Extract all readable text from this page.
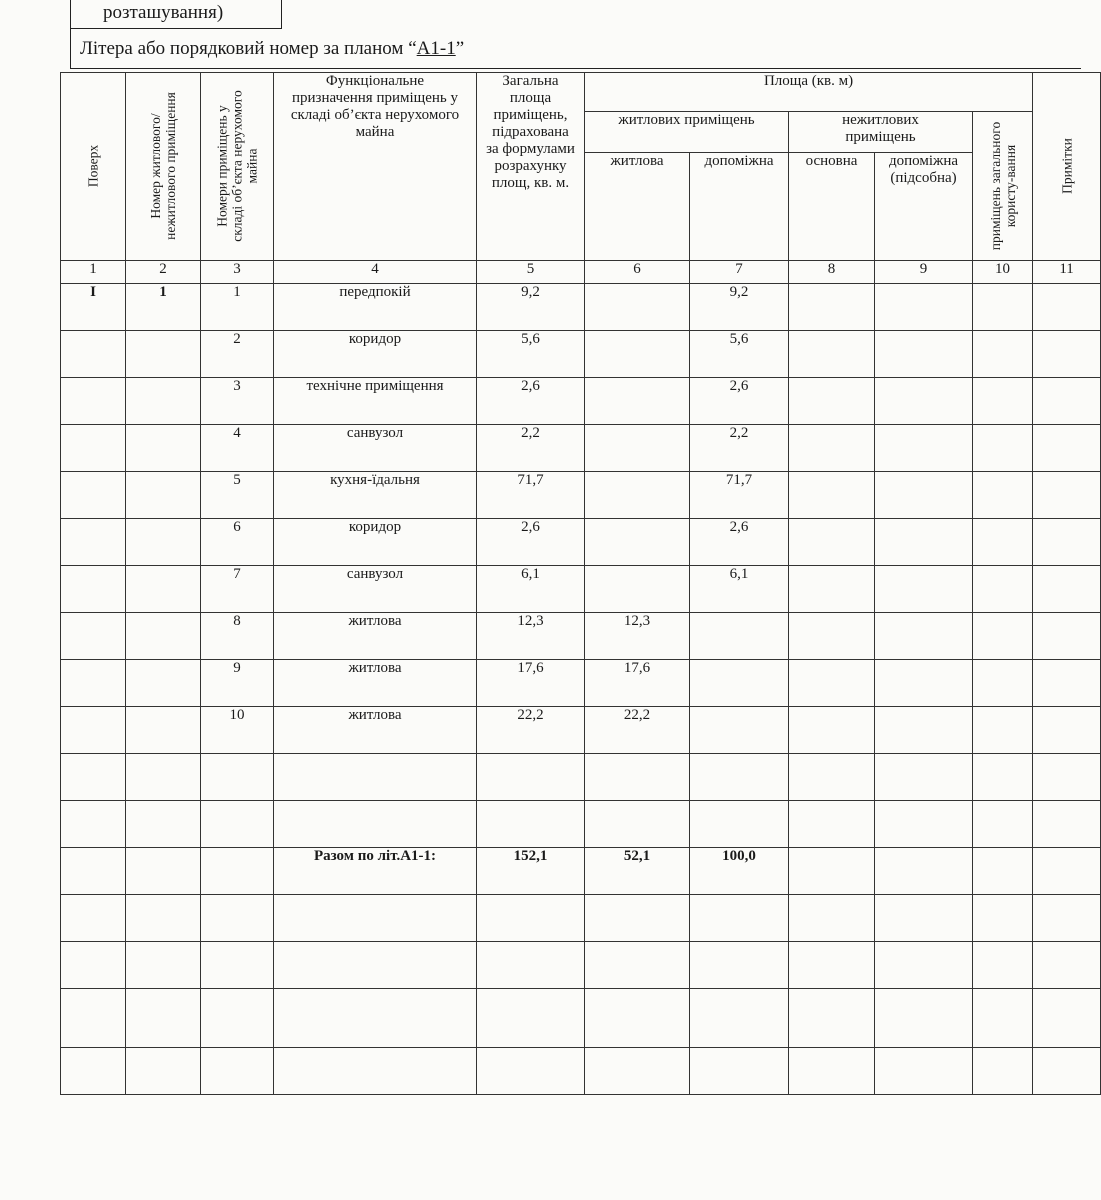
розташування)
Літера або порядковий номер за планом “А1-1”
Поверх	Номер житлового/ нежитлового приміщення	Номери приміщень у складі об’єкта нерухомого майна	Функціональне призначення приміщень у складі об’єкта нерухомого майна	Загальна площа приміщень, підрахована за формулами розрахунку площ, кв. м.	Площа (кв. м)					Примітки

					житлових приміщень		нежитлових приміщень		приміщень загального користу-вання	

					житлова	допоміжна	основна	допоміжна (підсобна)		
1	2	3	4	5	6	7	8	9	10	11
І	1	1	передпокій	9,2		9,2				
		2	коридор	5,6		5,6				
		3	технічне приміщення	2,6		2,6				
		4	санвузол	2,2		2,2				
		5	кухня-їдальня	71,7		71,7				
		6	коридор	2,6		2,6				
		7	санвузол	6,1		6,1				
		8	житлова	12,3	12,3					
		9	житлова	17,6	17,6					
		10	житлова	22,2	22,2					

			Разом по літ.А1-1:	152,1	52,1	100,0				
